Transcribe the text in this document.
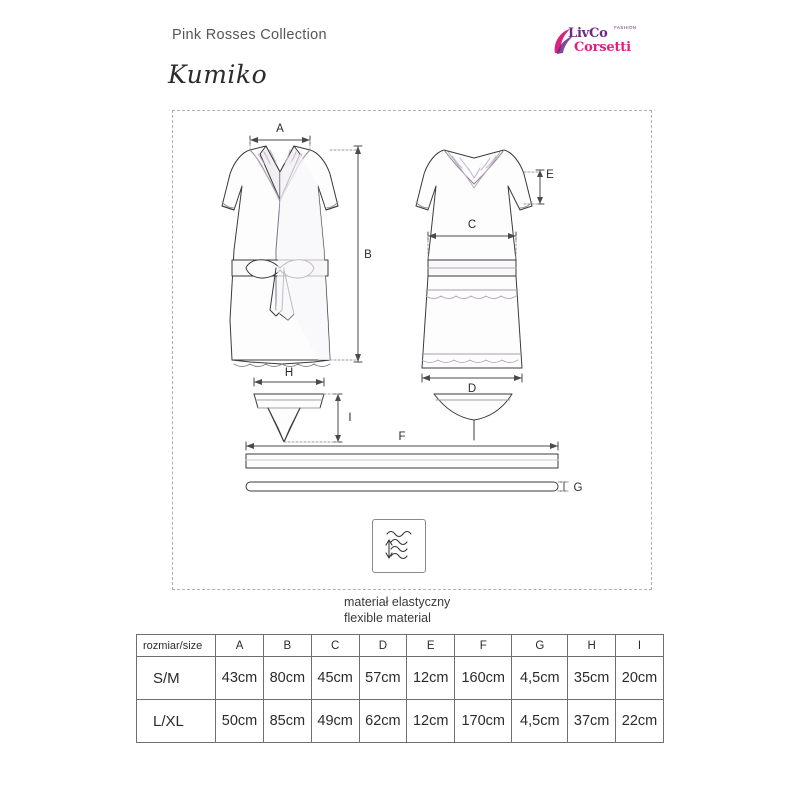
Pink Rosses Collection
Kumiko
LivCo FASHION
Corsetti
A
B
C
D
E
F
G
H
I
materiał elastyczny
flexible material
rozmiar/size	A	B	C	D	E	F	G	H	I
S/M	43cm	80cm	45cm	57cm	12cm	160cm	4,5cm	35cm	20cm
L/XL	50cm	85cm	49cm	62cm	12cm	170cm	4,5cm	37cm	22cm
